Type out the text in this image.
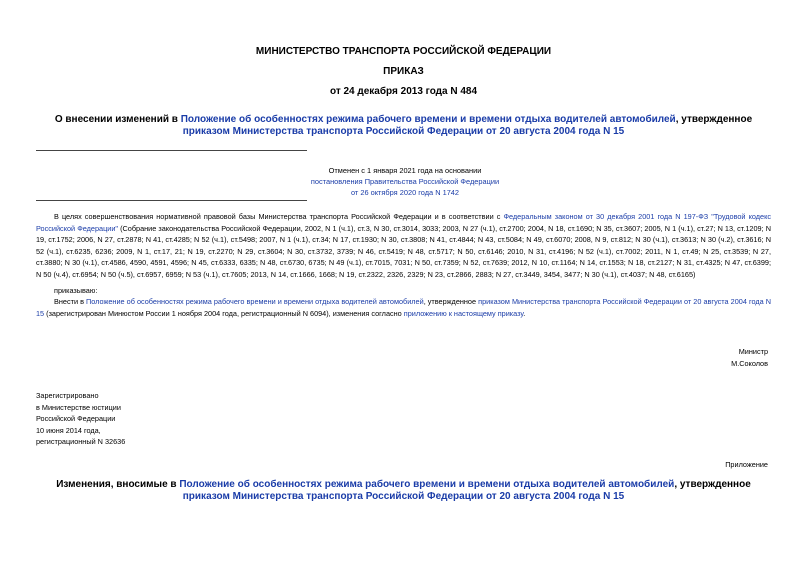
МИНИСТЕРСТВО ТРАНСПОРТА РОССИЙСКОЙ ФЕДЕРАЦИИ
ПРИКАЗ
от 24 декабря 2013 года N 484
О внесении изменений в Положение об особенностях режима рабочего времени и времени отдыха водителей автомобилей, утвержденное приказом Министерства транспорта Российской Федерации от 20 августа 2004 года N 15
Отменен с 1 января 2021 года на основании
постановления Правительства Российской Федерации
от 26 октября 2020 года N 1742
В целях совершенствования нормативной правовой базы Министерства транспорта Российской Федерации и в соответствии с Федеральным законом от 30 декабря 2001 года N 197-ФЗ "Трудовой кодекс Российской Федерации" (Собрание законодательства Российской Федерации, 2002, N 1 (ч.1), ст.3, N 30, ст.3014, 3033; 2003, N 27 (ч.1), ст.2700; 2004, N 18, ст.1690; N 35, ст.3607; 2005, N 1 (ч.1), ст.27; N 13, ст.1209; N 19, ст.1752; 2006, N 27, ст.2878; N 41, ст.4285; N 52 (ч.1), ст.5498; 2007, N 1 (ч.1), ст.34; N 17, ст.1930; N 30, ст.3808; N 41, ст.4844; N 43, ст.5084; N 49, ст.6070; 2008, N 9, ст.812; N 30 (ч.1), ст.3613; N 30 (ч.2), ст.3616; N 52 (ч.1), ст.6235, 6236; 2009, N 1, ст.17, 21; N 19, ст.2270; N 29, ст.3604; N 30, ст.3732, 3739; N 46, ст.5419; N 48, ст.5717; N 50, ст.6146; 2010, N 31, ст.4196; N 52 (ч.1), ст.7002; 2011, N 1, ст.49; N 25, ст.3539; N 27, ст.3880; N 30 (ч.1), ст.4586, 4590, 4591, 4596; N 45, ст.6333, 6335; N 48, ст.6730, 6735; N 49 (ч.1), ст.7015, 7031; N 50, ст.7359; N 52, ст.7639; 2012, N 10, ст.1164; N 14, ст.1553; N 18, ст.2127; N 31, ст.4325; N 47, ст.6399; N 50 (ч.4), ст.6954; N 50 (ч.5), ст.6957, 6959; N 53 (ч.1), ст.7605; 2013, N 14, ст.1666, 1668; N 19, ст.2322, 2326, 2329; N 23, ст.2866, 2883; N 27, ст.3449, 3454, 3477; N 30 (ч.1), ст.4037; N 48, ст.6165)
приказываю:
Внести в Положение об особенностях режима рабочего времени и времени отдыха водителей автомобилей, утвержденное приказом Министерства транспорта Российской Федерации от 20 августа 2004 года N 15 (зарегистрирован Минюстом России 1 ноября 2004 года, регистрационный N 6094), изменения согласно приложению к настоящему приказу.
Министр
М.Соколов
Зарегистрировано
в Министерстве юстиции
Российской Федерации
10 июня 2014 года,
регистрационный N 32636
Приложение
Изменения, вносимые в Положение об особенностях режима рабочего времени и времени отдыха водителей автомобилей, утвержденное приказом Министерства транспорта Российской Федерации от 20 августа 2004 года N 15
